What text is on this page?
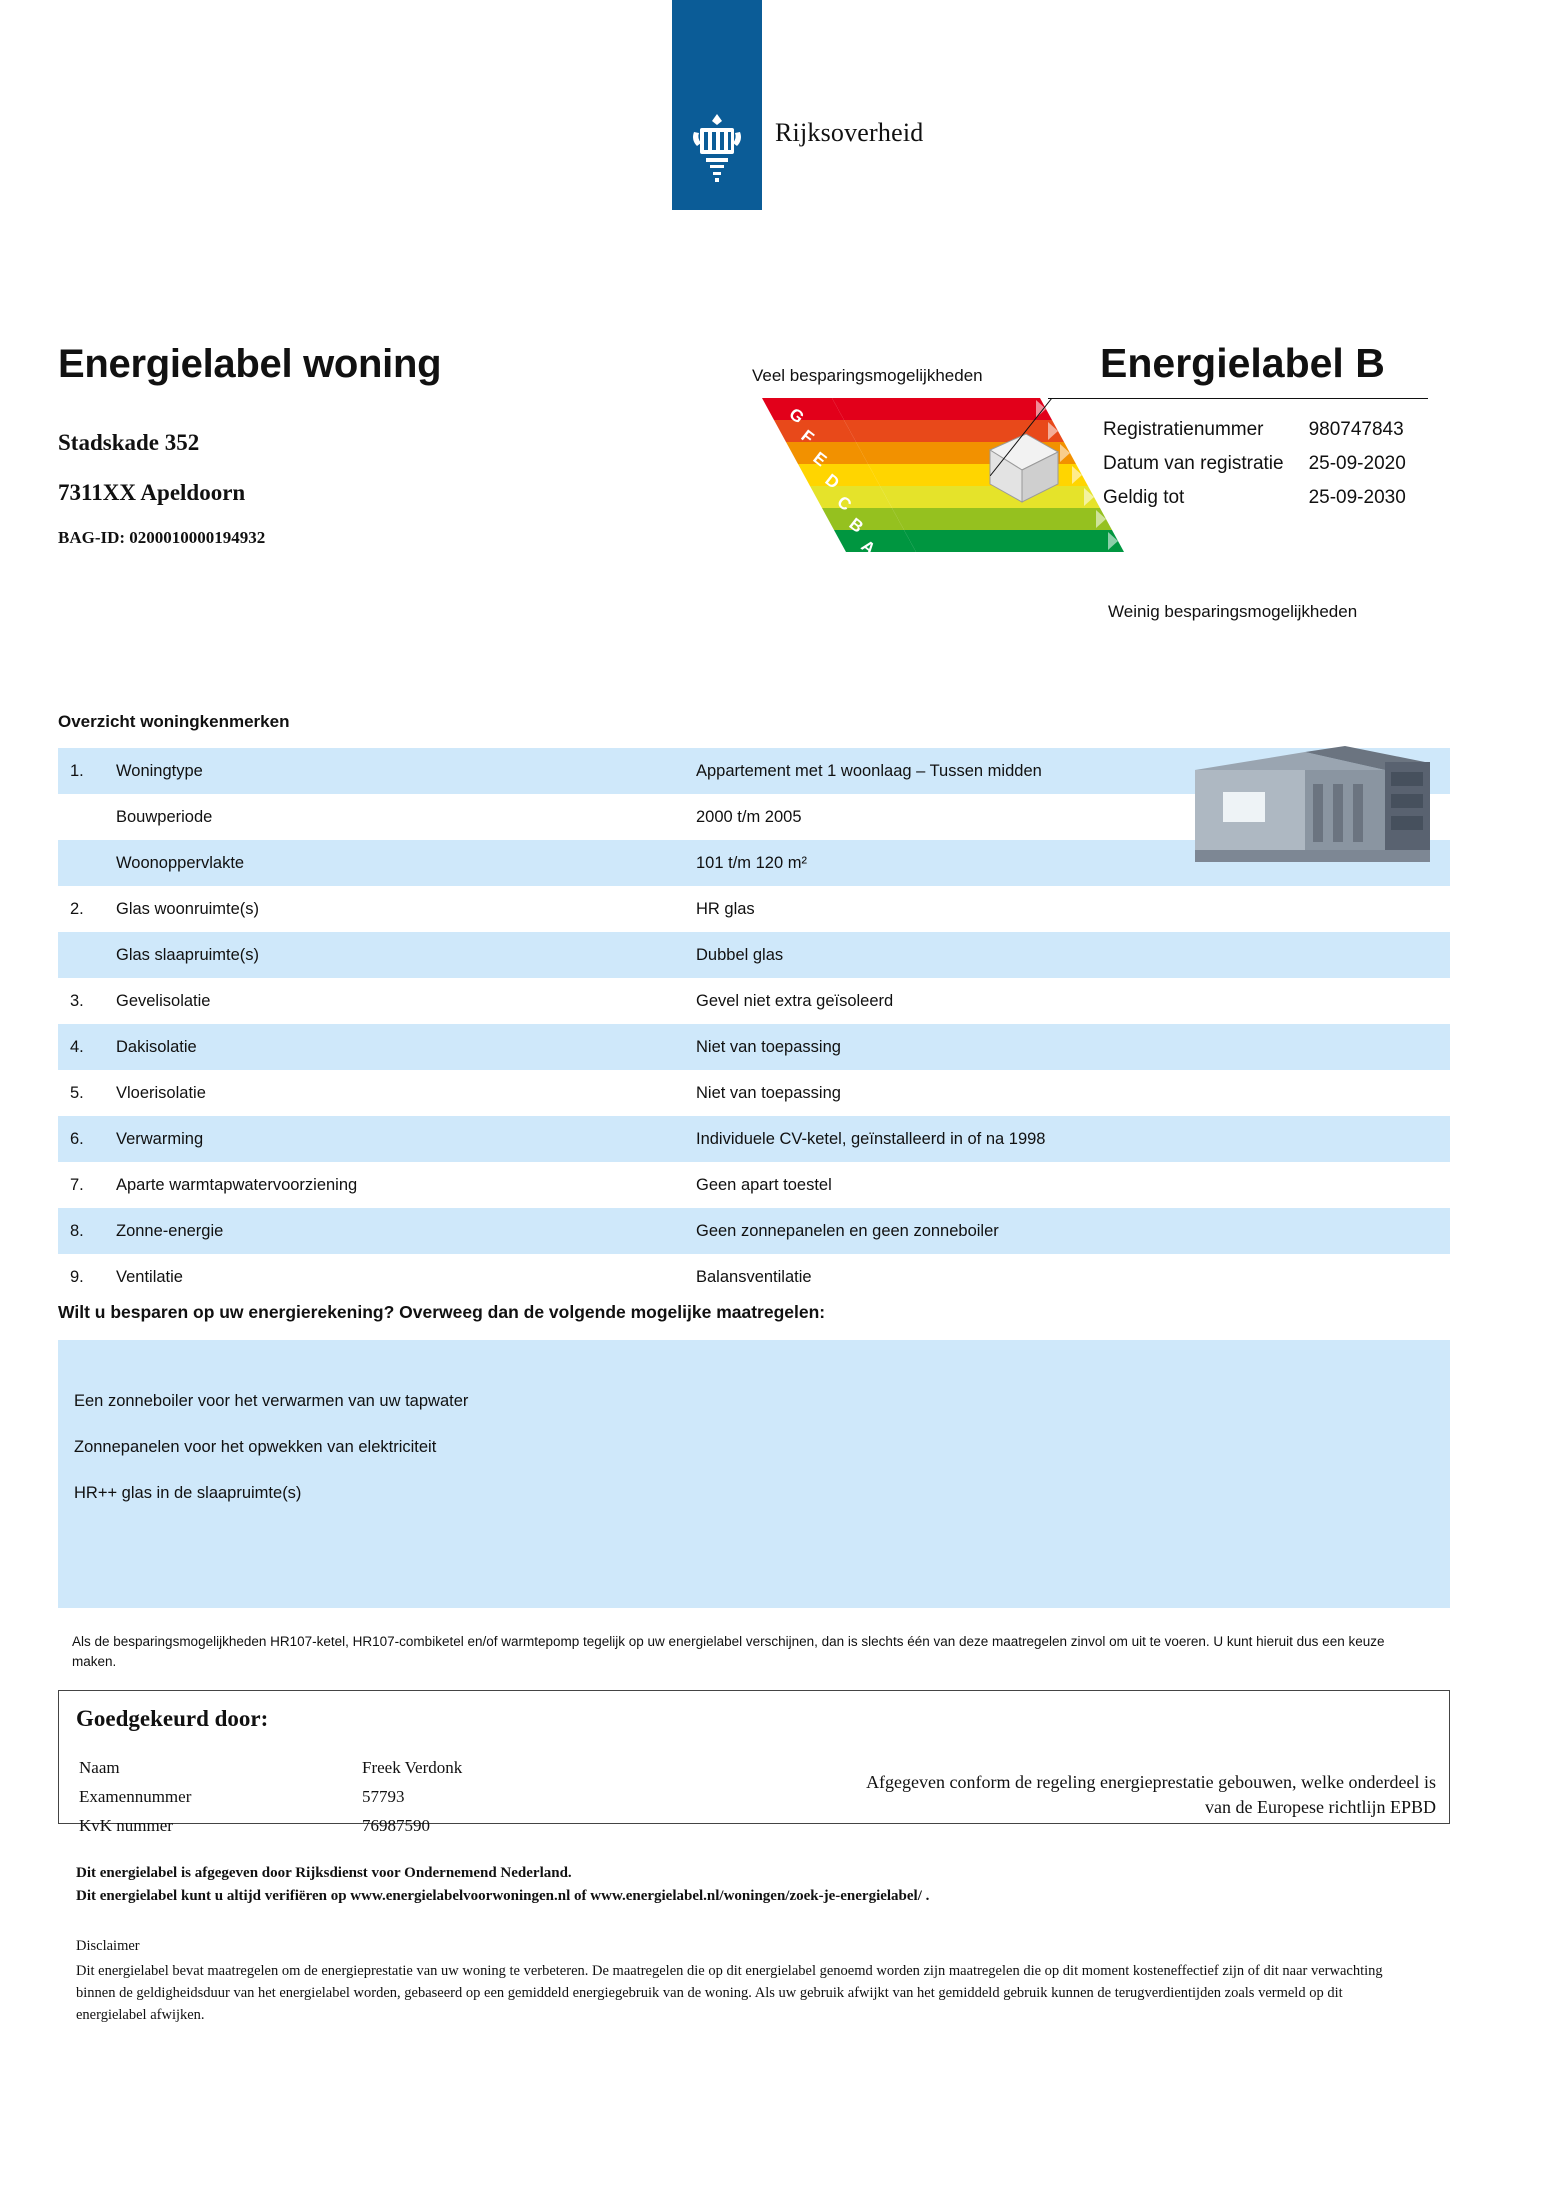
Rijksoverheid
Energielabel woning
Stadskade 352
7311XX Apeldoorn
BAG-ID: 0200010000194932
Veel besparingsmogelijkheden
Weinig besparingsmogelijkheden
G
F
E
D
C
B
A
Energielabel B
Registratienummer	980747843
Datum van registratie	25-09-2020
Geldig tot	25-09-2030
Overzicht woningkenmerken
1.	Woningtype	Appartement met 1 woonlaag – Tussen midden
	Bouwperiode	2000 t/m 2005
	Woonoppervlakte	101 t/m 120 m²
2.	Glas woonruimte(s)	HR glas
	Glas slaapruimte(s)	Dubbel glas
3.	Gevelisolatie	Gevel niet extra geïsoleerd
4.	Dakisolatie	Niet van toepassing
5.	Vloerisolatie	Niet van toepassing
6.	Verwarming	Individuele CV-ketel, geïnstalleerd in of na 1998
7.	Aparte warmtapwatervoorziening	Geen apart toestel
8.	Zonne-energie	Geen zonnepanelen en geen zonneboiler
9.	Ventilatie	Balansventilatie
Wilt u besparen op uw energierekening? Overweeg dan de volgende mogelijke maatregelen:
Een zonneboiler voor het verwarmen van uw tapwater
Zonnepanelen voor het opwekken van elektriciteit
HR++ glas in de slaapruimte(s)
Als de besparingsmogelijkheden HR107-ketel, HR107-combiketel en/of warmtepomp tegelijk op uw energielabel verschijnen, dan is slechts één van deze maatregelen zinvol om uit te voeren. U kunt hieruit dus een keuze maken.
Goedgekeurd door:
Naam	Freek Verdonk
Examennummer	57793
KvK nummer	76987590
Afgegeven conform de regeling energieprestatie gebouwen, welke onderdeel is van de Europese richtlijn EPBD
Dit energielabel is afgegeven door Rijksdienst voor Ondernemend Nederland.
Dit energielabel kunt u altijd verifiëren op www.energielabelvoorwoningen.nl of www.energielabel.nl/woningen/zoek-je-energielabel/ .
Disclaimer
Dit energielabel bevat maatregelen om de energieprestatie van uw woning te verbeteren. De maatregelen die op dit energielabel genoemd worden zijn maatregelen die op dit moment kosteneffectief zijn of dit naar verwachting binnen de geldigheidsduur van het energielabel worden, gebaseerd op een gemiddeld energiegebruik van de woning. Als uw gebruik afwijkt van het gemiddeld gebruik kunnen de terugverdientijden zoals vermeld op dit energielabel afwijken.
